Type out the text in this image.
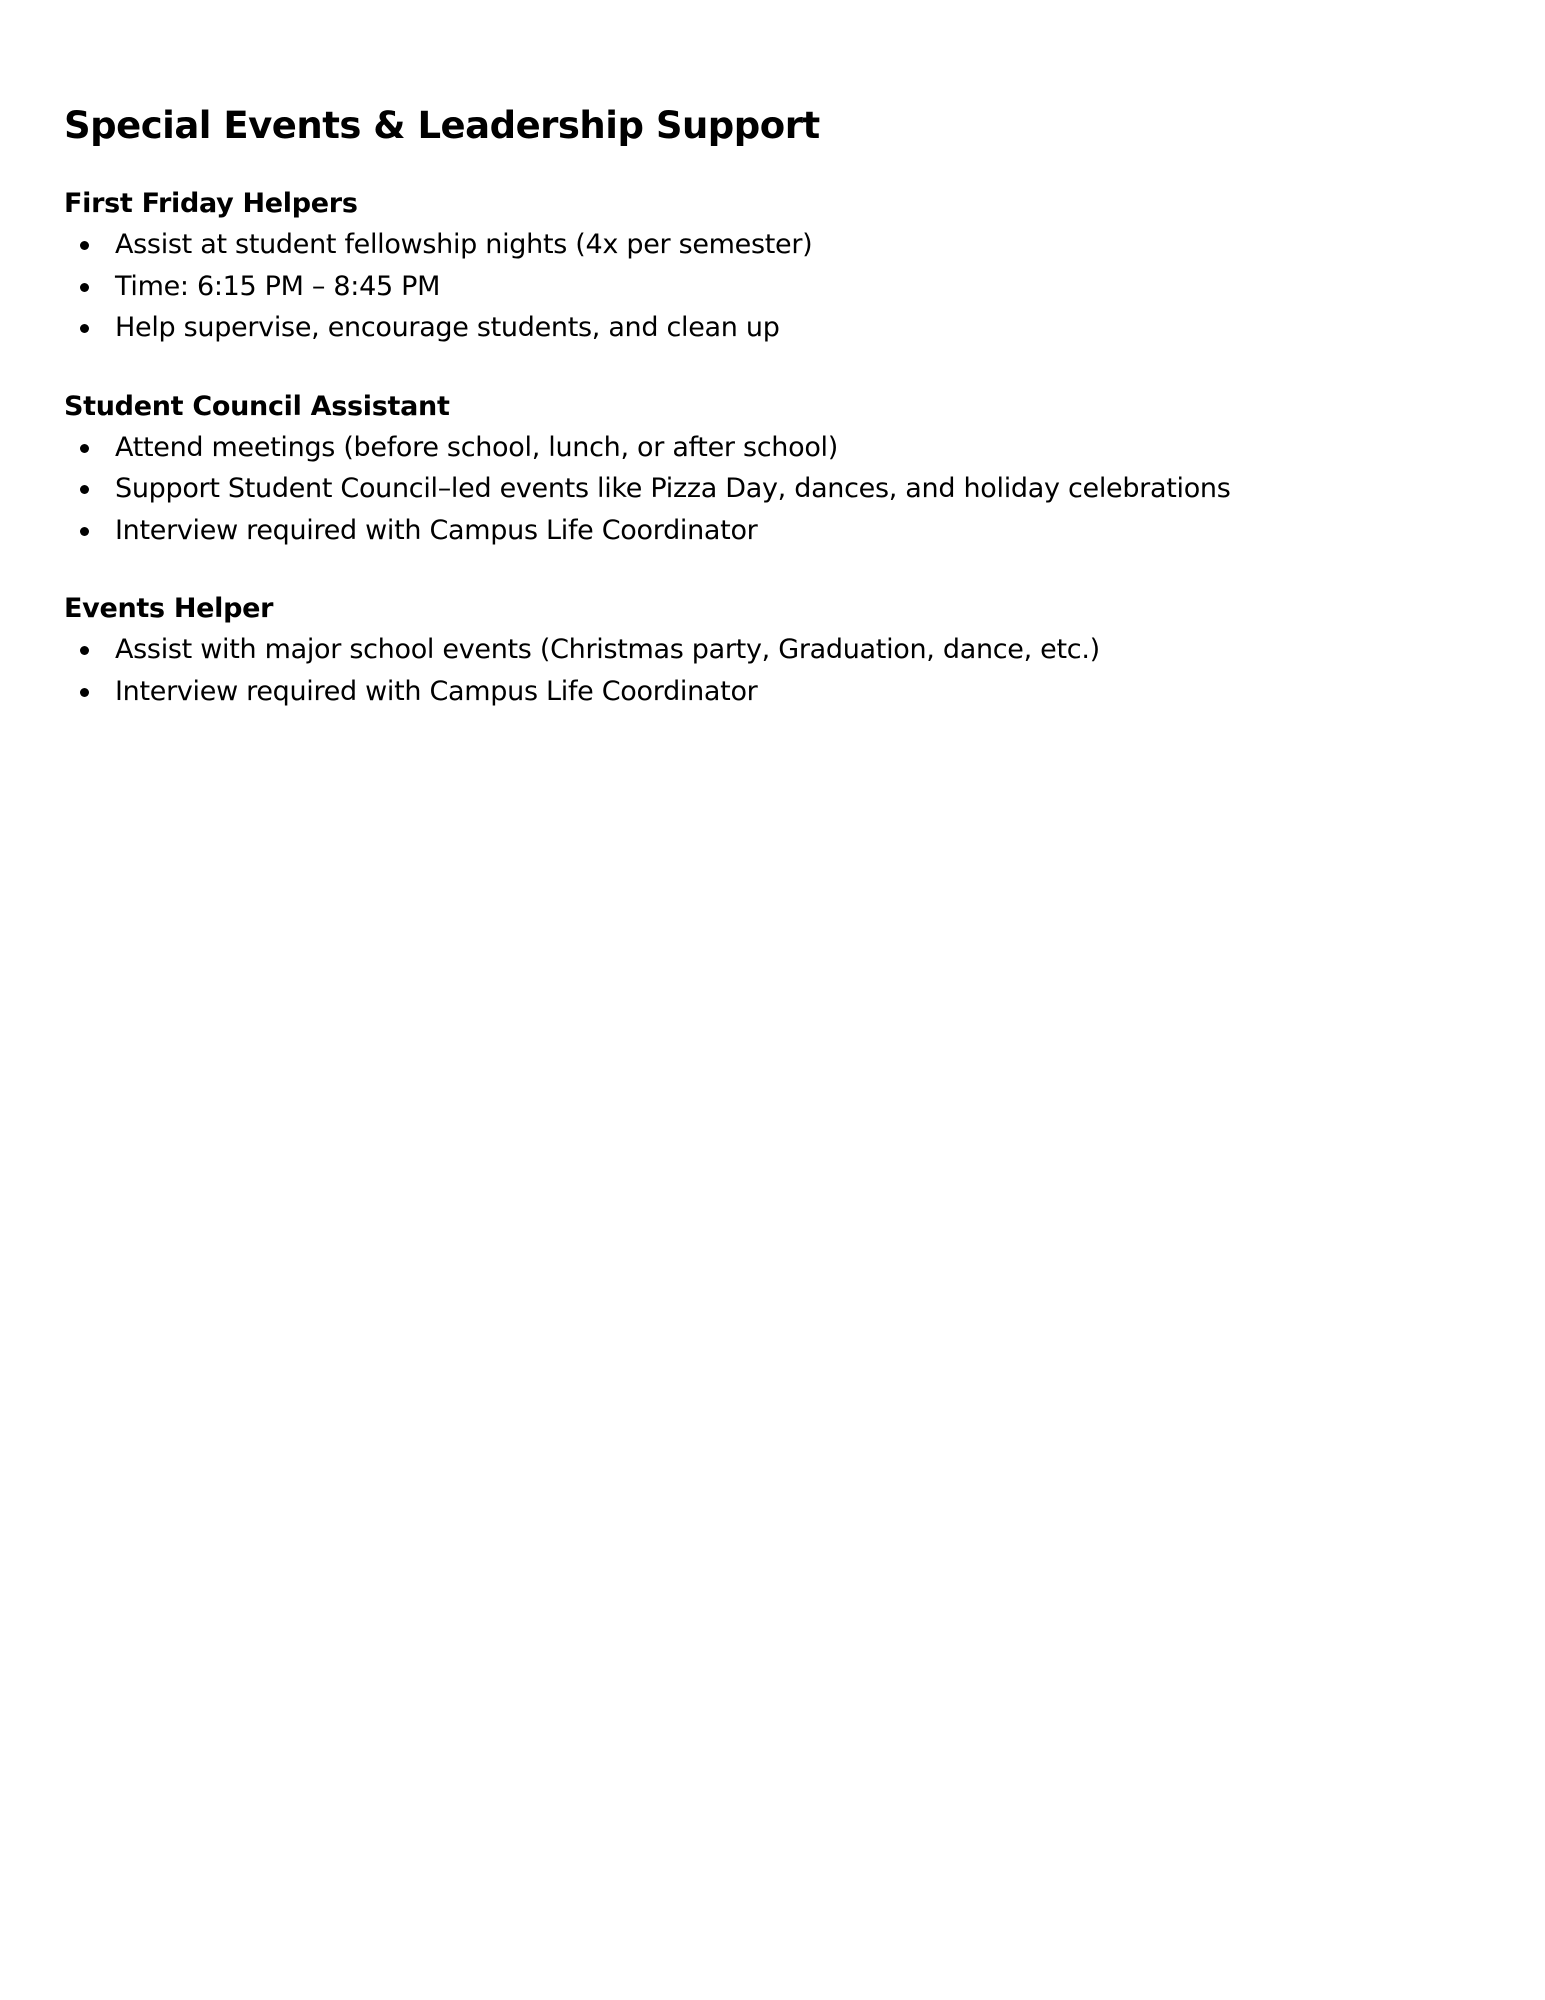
Special Events & Leadership Support
First Friday Helpers
Assist at student fellowship nights (4x per semester)
Time: 6:15 PM – 8:45 PM
Help supervise, encourage students, and clean up
Student Council Assistant
Attend meetings (before school, lunch, or after school)
Support Student Council–led events like Pizza Day, dances, and holiday celebrations
Interview required with Campus Life Coordinator
Events Helper
Assist with major school events (Christmas party, Graduation, dance, etc.)
Interview required with Campus Life Coordinator
